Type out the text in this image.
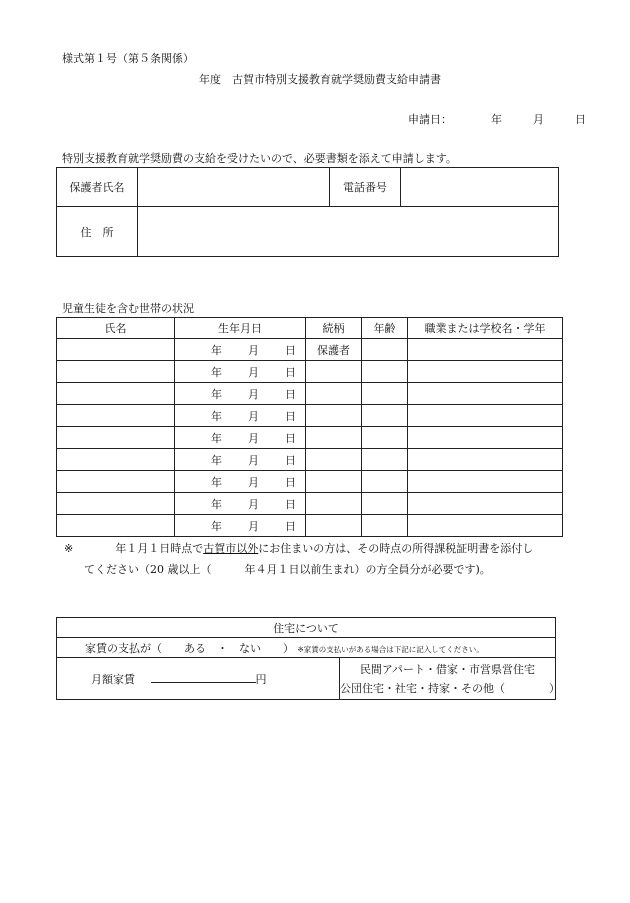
様式第１号（第５条関係）
年度　古賀市特別支援教育就学奨励費支給申請書
申請日：	年	月	日
特別支援教育就学奨励費の支給を受けたいので、必要書類を添えて申請します。
保護者氏名		電話番号	
住　所			
児童生徒を含む世帯の状況
氏名	生年月日	続柄	年齢	職業または学校名・学年
	年 月 日	保護者		
	年 月 日			
	年 月 日			
	年 月 日			
	年 月 日			
	年 月 日			
	年 月 日			
	年 月 日			
	年 月 日			
※	年１月１日時点で古賀市以外にお住まいの方は、その時点の所得課税証明書を添付し
てください（20 歳以上（　　　年４月１日以前生まれ）の方全員分が必要です)。
住宅について
家賃の支払が（　　ある　・　ない　　） ※家賃の支払いがある場合は下記に記入してください。
月額家賃	円	
民間アパート・借家・市営県営住宅
公団住宅・社宅・持家・その他（　　　　）
